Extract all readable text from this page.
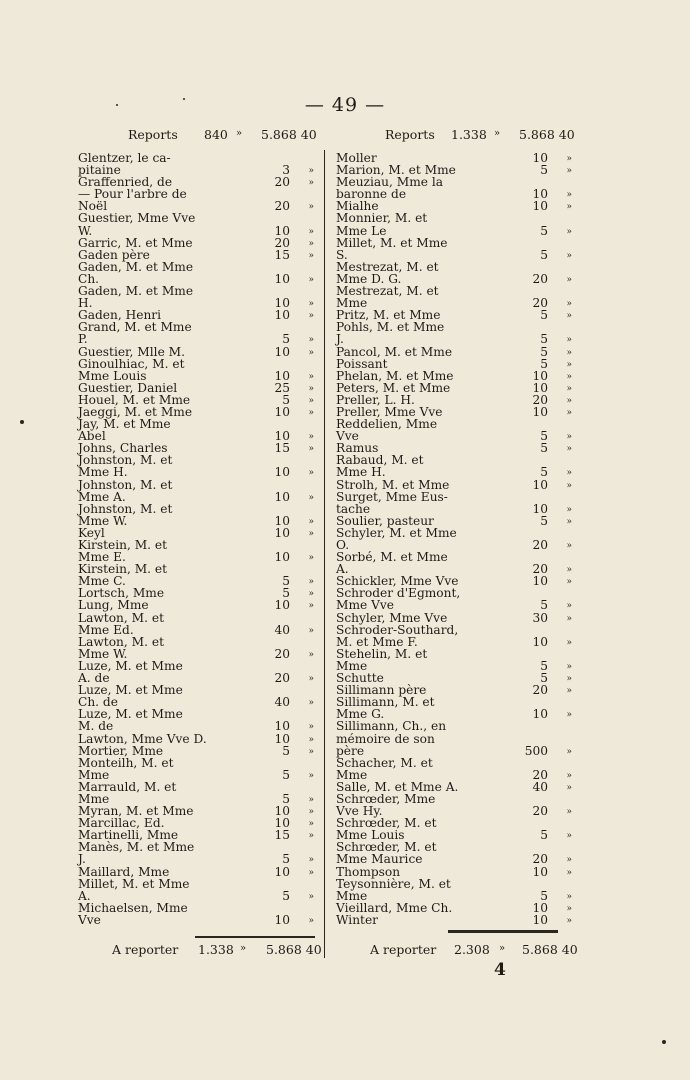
— 49 —
Reports 840 » 5.868 40	Reports 1.338 » 5.868 40
Glentzer, le ca-
pitaine	3 »
Graffenried, de	20 »
— Pour l'arbre de
Noël	20 »
Guestier, Mme Vve
W.	10 »
Garric, M. et Mme	20 »
Gaden père	15 »
Gaden, M. et Mme
Ch.	10 »
Gaden, M. et Mme
H.	10 »
Gaden, Henri	10 »
Grand, M. et Mme
P.	5 »
Guestier, Mlle M.	10 »
Ginoulhiac, M. et
Mme Louis	10 »
Guestier, Daniel	25 »
Houel, M. et Mme	5 »
Jaeggi, M. et Mme	10 »
Jay, M. et Mme
Abel	10 »
Johns, Charles	15 »
Johnston, M. et
Mme H.	10 »
Johnston, M. et
Mme A.	10 »
Johnston, M. et
Mme W.	10 »
Keyl	10 »
Kirstein, M. et
Mme E.	10 »
Kirstein, M. et
Mme C.	5 »
Lortsch, Mme	5 »
Lung, Mme	10 »
Lawton, M. et
Mme Ed.	40 »
Lawton, M. et
Mme W.	20 »
Luze, M. et Mme
A. de	20 »
Luze, M. et Mme
Ch. de	40 »
Luze, M. et Mme
M. de	10 »
Lawton, Mme Vve D.	10 »
Mortier, Mme	5 »
Monteilh, M. et
Mme	5 »
Marrauld, M. et
Mme	5 »
Myran, M. et Mme	10 »
Marcillac, Ed.	10 »
Martinelli, Mme	15 »
Manès, M. et Mme
J.	5 »
Maillard, Mme	10 »
Millet, M. et Mme
A.	5 »
Michaelsen, Mme
Vve	10 »
Moller	10 »
Marion, M. et Mme	5 »
Meuziau, Mme la
baronne de	10 »
Mialhe	10 »
Monnier, M. et
Mme Le	5 »
Millet, M. et Mme
S.	5 »
Mestrezat, M. et
Mme D. G.	20 »
Mestrezat, M. et
Mme	20 »
Pritz, M. et Mme	5 »
Pohls, M. et Mme
J.	5 »
Pancol, M. et Mme	5 »
Poissant	5 »
Phelan, M. et Mme	10 »
Peters, M. et Mme	10 »
Preller, L. H.	20 »
Preller, Mme Vve	10 »
Reddelien, Mme
Vve	5 »
Ramus	5 »
Rabaud, M. et
Mme H.	5 »
Strolh, M. et Mme	10 »
Surget, Mme Eus-
tache	10 »
Soulier, pasteur	5 »
Schyler, M. et Mme
O.	20 »
Sorbé, M. et Mme
A.	20 »
Schickler, Mme Vve	10 »
Schroder d'Egmont,
Mme Vve	5 »
Schyler, Mme Vve	30 »
Schroder-Southard,
M. et Mme F.	10 »
Stehelin, M. et
Mme	5 »
Schutte	5 »
Sillimann père	20 »
Sillimann, M. et
Mme G.	10 »
Sillimann, Ch., en
mémoire de son
père	500 »
Schacher, M. et
Mme	20 »
Salle, M. et Mme A.	40 »
Schrœder, Mme
Vve Hy.	20 »
Schrœder, M. et
Mme Louis	5 »
Schrœder, M. et
Mme Maurice	20 »
Thompson	10 »
Teysonnière, M. et
Mme	5 »
Vieillard, Mme Ch.	10 »
Winter	10 »
A reporter 1.338 » 5.868 40	A reporter 2.308 » 5.868 40
4
